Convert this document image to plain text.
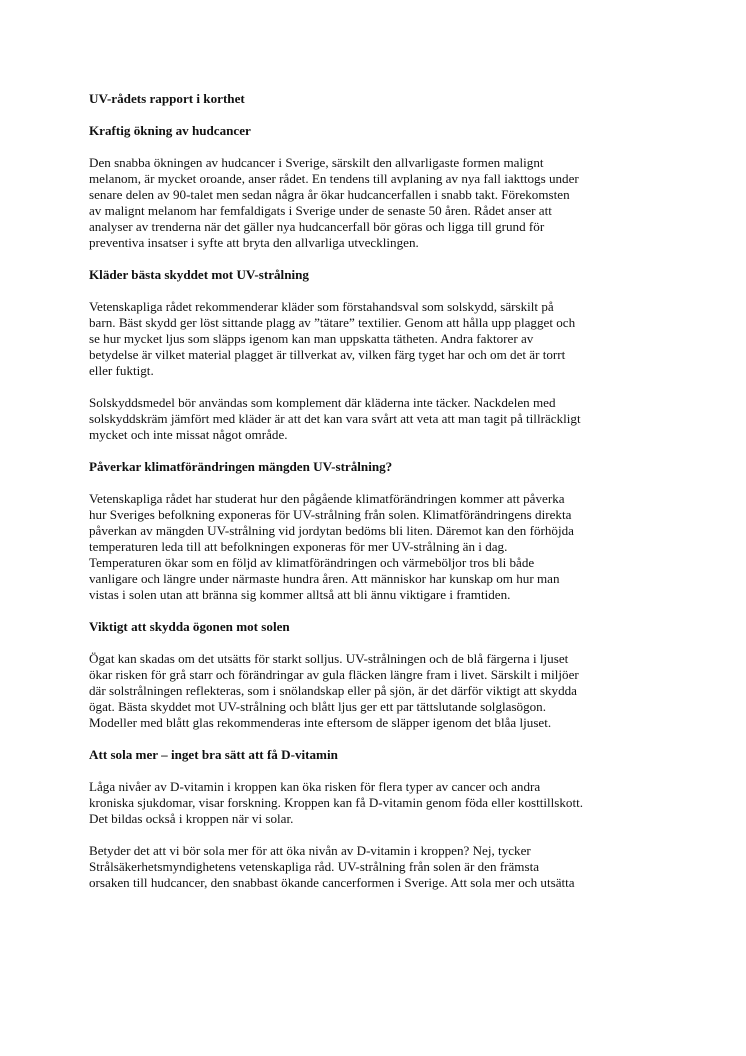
UV-rådets rapport i korthet
Kraftig ökning av hudcancer
Den snabba ökningen av hudcancer i Sverige, särskilt den allvarligaste formen malignt
melanom, är mycket oroande, anser rådet. En tendens till avplaning av nya fall iakttogs under
senare delen av 90-talet men sedan några år ökar hudcancerfallen i snabb takt. Förekomsten
av malignt melanom har femfaldigats i Sverige under de senaste 50 åren. Rådet anser att
analyser av trenderna när det gäller nya hudcancerfall bör göras och ligga till grund för
preventiva insatser i syfte att bryta den allvarliga utvecklingen.
Kläder bästa skyddet mot UV-strålning
Vetenskapliga rådet rekommenderar kläder som förstahandsval som solskydd, särskilt på
barn. Bäst skydd ger löst sittande plagg av ”tätare” textilier. Genom att hålla upp plagget och
se hur mycket ljus som släpps igenom kan man uppskatta tätheten. Andra faktorer av
betydelse är vilket material plagget är tillverkat av, vilken färg tyget har och om det är torrt
eller fuktigt.
Solskyddsmedel bör användas som komplement där kläderna inte täcker. Nackdelen med
solskyddskräm jämfört med kläder är att det kan vara svårt att veta att man tagit på tillräckligt
mycket och inte missat något område.
Påverkar klimatförändringen mängden UV-strålning?
Vetenskapliga rådet har studerat hur den pågående klimatförändringen kommer att påverka
hur Sveriges befolkning exponeras för UV-strålning från solen. Klimatförändringens direkta
påverkan av mängden UV-strålning vid jordytan bedöms bli liten. Däremot kan den förhöjda
temperaturen leda till att befolkningen exponeras för mer UV-strålning än i dag.
Temperaturen ökar som en följd av klimatförändringen och värmeböljor tros bli både
vanligare och längre under närmaste hundra åren. Att människor har kunskap om hur man
vistas i solen utan att bränna sig kommer alltså att bli ännu viktigare i framtiden.
Viktigt att skydda ögonen mot solen
Ögat kan skadas om det utsätts för starkt solljus. UV-strålningen och de blå färgerna i ljuset
ökar risken för grå starr och förändringar av gula fläcken längre fram i livet. Särskilt i miljöer
där solstrålningen reflekteras, som i snölandskap eller på sjön, är det därför viktigt att skydda
ögat. Bästa skyddet mot UV-strålning och blått ljus ger ett par tättslutande solglasögon.
Modeller med blått glas rekommenderas inte eftersom de släpper igenom det blåa ljuset.
Att sola mer – inget bra sätt att få D-vitamin
Låga nivåer av D-vitamin i kroppen kan öka risken för flera typer av cancer och andra
kroniska sjukdomar, visar forskning. Kroppen kan få D-vitamin genom föda eller kosttillskott.
Det bildas också i kroppen när vi solar.
Betyder det att vi bör sola mer för att öka nivån av D-vitamin i kroppen? Nej, tycker
Strålsäkerhetsmyndighetens vetenskapliga råd. UV-strålning från solen är den främsta
orsaken till hudcancer, den snabbast ökande cancerformen i Sverige. Att sola mer och utsätta
